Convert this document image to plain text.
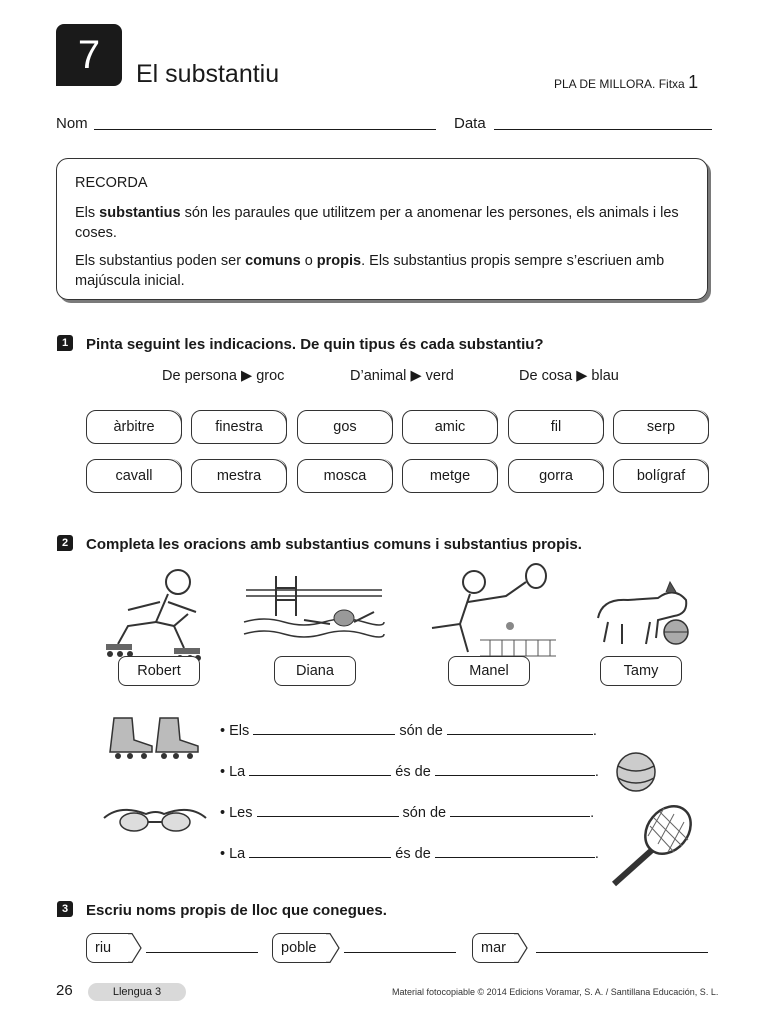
7 El substantiu	PLA DE MILLORA. Fitxa 1
Nom	Data
RECORDA

Els substantius són les paraules que utilitzem per a anomenar les persones, els animals i les coses.

Els substantius poden ser comuns o propis. Els substantius propis sempre s’escriuen amb majúscula inicial.

1	Pinta seguint les indicacions. De quin tipus és cada substantiu?
De persona ▶ groc	D’animal ▶ verd	De cosa ▶ blau
àrbitre	finestra	gos	amic	fil	serp
cavall	mestra	mosca	metge	gorra	bolígraf
2	Completa les oracions amb substantius comuns i substantius propis.
Robert	Diana	Manel	Tamy
• Els	són de	.
• La	és de	.
• Les	són de	.
• La	és de	.
3	Escriu noms propis de lloc que conegues.
riu	poble	mar
26	Llengua 3	Material fotocopiable © 2014 Edicions Voramar, S. A. / Santillana Educación, S. L.
